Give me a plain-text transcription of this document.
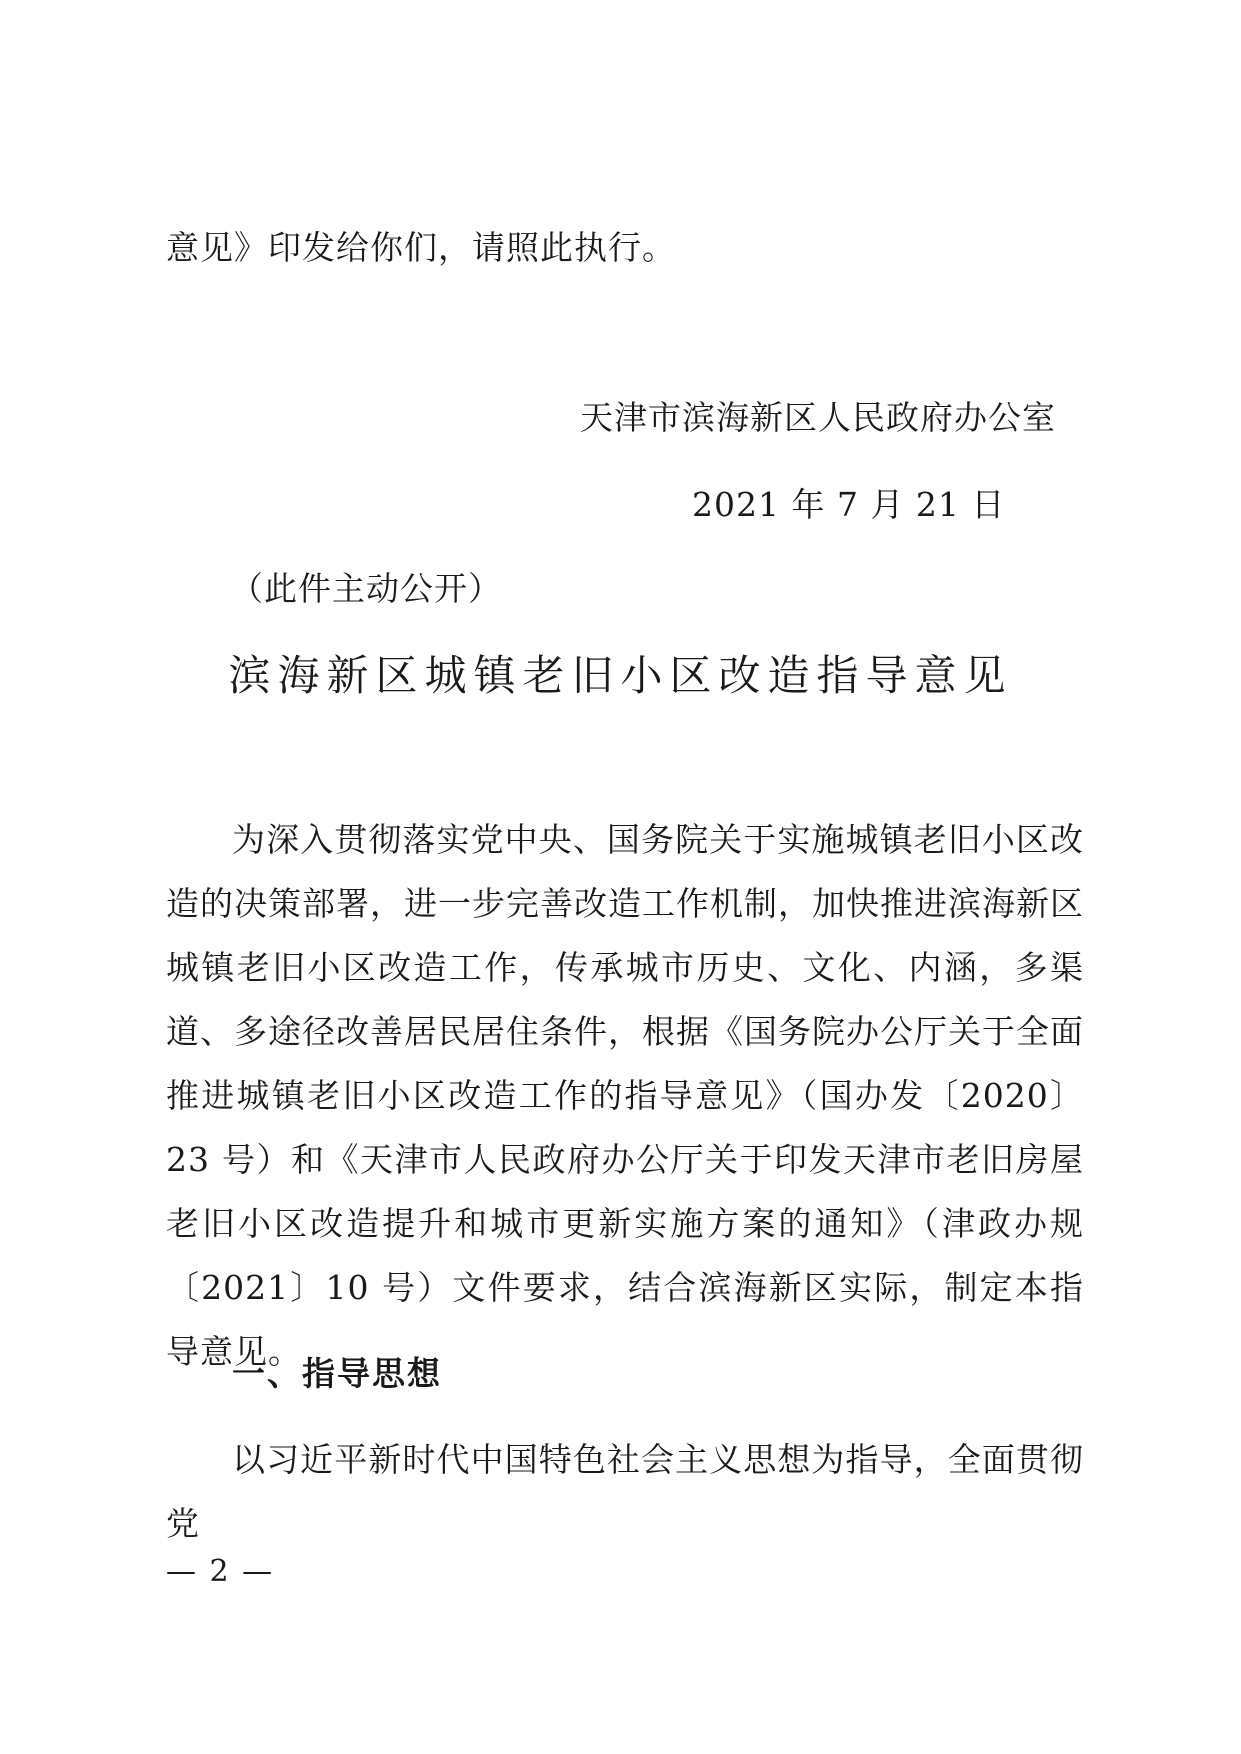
意见》印发给你们，请照此执行。
天津市滨海新区人民政府办公室
2021 年 7 月 21 日
（此件主动公开）
滨海新区城镇老旧小区改造指导意见
为深入贯彻落实党中央、国务院关于实施城镇老旧小区改造的决策部署，进一步完善改造工作机制，加快推进滨海新区城镇老旧小区改造工作，传承城市历史、文化、内涵，多渠道、多途径改善居民居住条件，根据《国务院办公厅关于全面推进城镇老旧小区改造工作的指导意见》（国办发〔2020〕23 号）和《天津市人民政府办公厅关于印发天津市老旧房屋老旧小区改造提升和城市更新实施方案的通知》（津政办规〔2021〕10 号）文件要求，结合滨海新区实际，制定本指导意见。
一、指导思想
以习近平新时代中国特色社会主义思想为指导，全面贯彻党
— 2 —
